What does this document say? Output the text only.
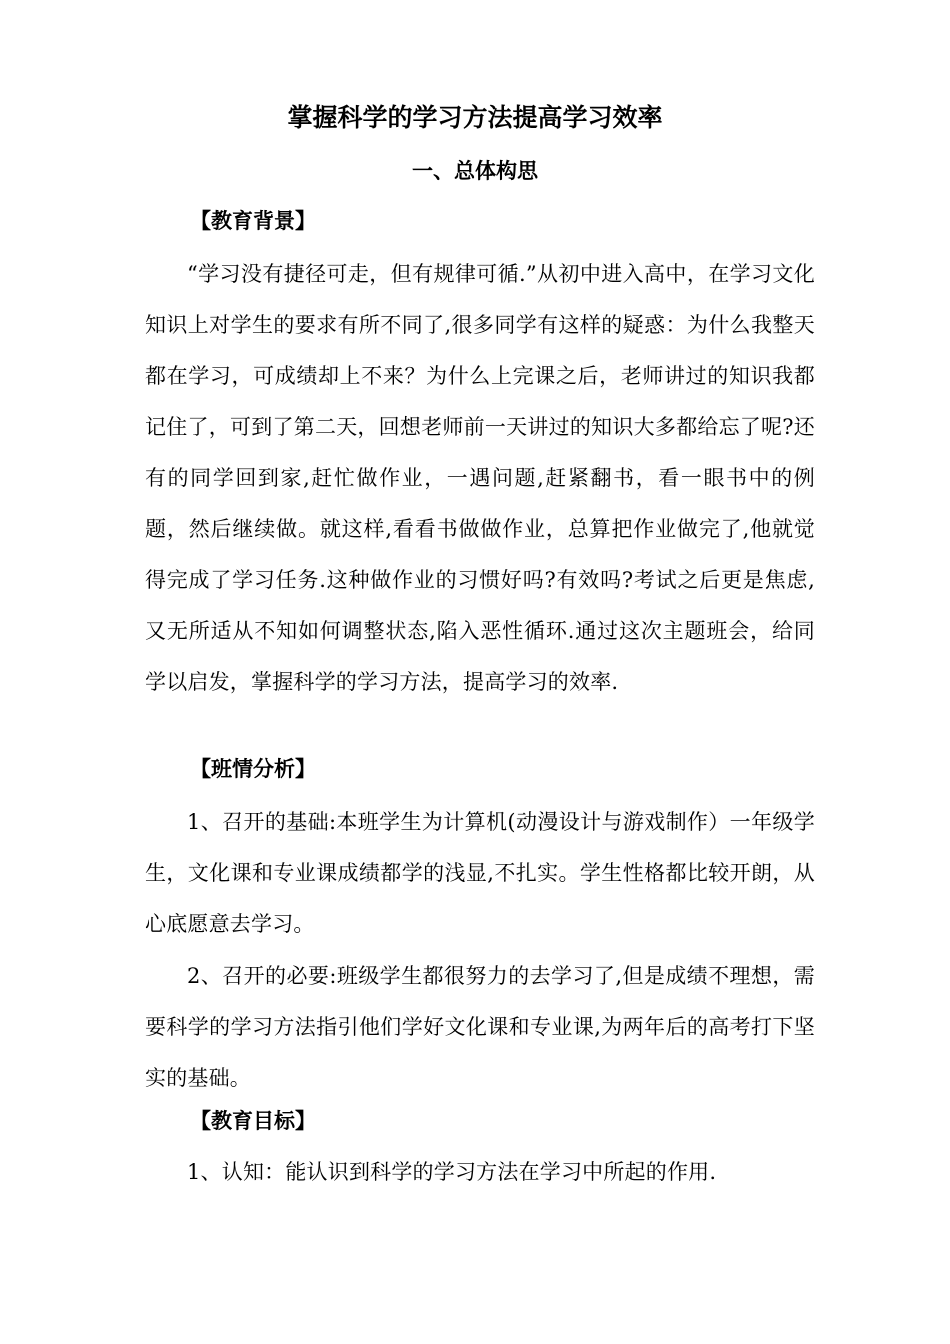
掌握科学的学习方法提高学习效率
一、总体构思
【教育背景】

“学习没有捷径可走，但有规律可循.”从初中进入高中，在学习文化知识上对学生的要求有所不同了,很多同学有这样的疑惑：为什么我整天都在学习，可成绩却上不来？为什么上完课之后，老师讲过的知识我都记住了，可到了第二天，回想老师前一天讲过的知识大多都给忘了呢?还有的同学回到家,赶忙做作业，一遇问题,赶紧翻书，看一眼书中的例题，然后继续做。就这样,看看书做做作业，总算把作业做完了,他就觉得完成了学习任务.这种做作业的习惯好吗?有效吗?考试之后更是焦虑,又无所适从不知如何调整状态,陷入恶性循环.通过这次主题班会，给同学以启发，掌握科学的学习方法，提高学习的效率.

【班情分析】

1、召开的基础:本班学生为计算机(动漫设计与游戏制作）一年级学生，文化课和专业课成绩都学的浅显,不扎实。学生性格都比较开朗，从心底愿意去学习。

2、召开的必要:班级学生都很努力的去学习了,但是成绩不理想，需要科学的学习方法指引他们学好文化课和专业课,为两年后的高考打下坚实的基础。

【教育目标】

1、认知：能认识到科学的学习方法在学习中所起的作用.
